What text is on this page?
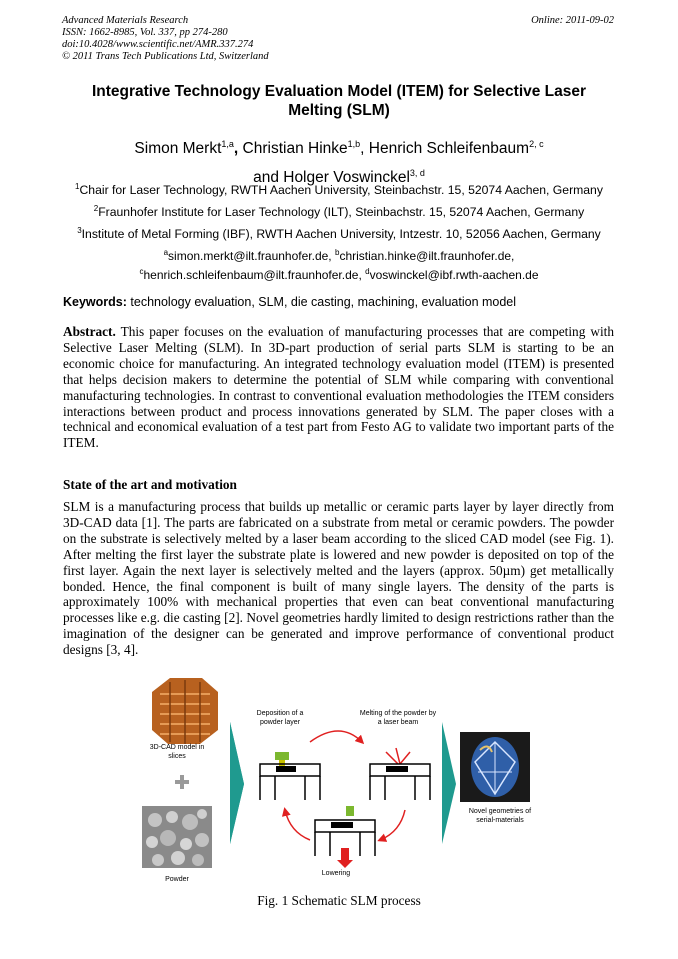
Advanced Materials Research
ISSN: 1662-8985, Vol. 337, pp 274-280
doi:10.4028/www.scientific.net/AMR.337.274
© 2011 Trans Tech Publications Ltd, Switzerland
Online: 2011-09-02
Integrative Technology Evaluation Model (ITEM) for Selective Laser
Melting (SLM)
Simon Merkt$^{1,a}$, Christian Hinke$^{1,b}$, Henrich Schleifenbaum$^{2, c}$
and Holger Voswinckel$^{3, d}$
$^1$Chair for Laser Technology, RWTH Aachen University, Steinbachstr. 15, 52074 Aachen, Germany
$^2$Fraunhofer Institute for Laser Technology (ILT), Steinbachstr. 15, 52074 Aachen, Germany
$^3$Institute of Metal Forming (IBF), RWTH Aachen University, Intzestr. 10, 52056 Aachen, Germany
$^a$simon.merkt@ilt.fraunhofer.de, $^b$christian.hinke@ilt.fraunhofer.de,
$^c$henrich.schleifenbaum@ilt.fraunhofer.de, $^d$voswinckel@ibf.rwth-aachen.de
Keywords: technology evaluation, SLM, die casting, machining, evaluation model
Abstract. This paper focuses on the evaluation of manufacturing processes that are competing with Selective Laser Melting (SLM). In 3D-part production of serial parts SLM is starting to be an economic choice for manufacturing. An integrated technology evaluation model (ITEM) is presented that helps decision makers to determine the potential of SLM while comparing with conventional manufacturing technologies. In contrast to conventional evaluation methodologies the ITEM considers interactions between product and process innovations generated by SLM. The paper closes with a technical and economical evaluation of a test part from Festo AG to validate two important parts of the ITEM.
State of the art and motivation
SLM is a manufacturing process that builds up metallic or ceramic parts layer by layer directly from 3D-CAD data [1]. The parts are fabricated on a substrate from metal or ceramic powders. The powder on the substrate is selectively melted by a laser beam according to the sliced CAD model (see Fig. 1). After melting the first layer the substrate plate is lowered and new powder is deposited on top of the first layer. Again the next layer is selectively melted and the layers (approx. 50µm) get metallically bonded. Hence, the final component is built of many single layers. The density of the parts is approximately 100% with mechanical properties that even can beat conventional manufacturing processes like e.g. die casting [2]. Novel geometries hardly limited to design restrictions rather than the imagination of the designer can be generated and improve performance of conventional product designs [3, 4].
3D-CAD model in slices
Powder
Deposition of a powder layer
Melting of the powder by a laser beam
Lowering
Novel geometries of serial-materials
Fig. 1 Schematic SLM process
